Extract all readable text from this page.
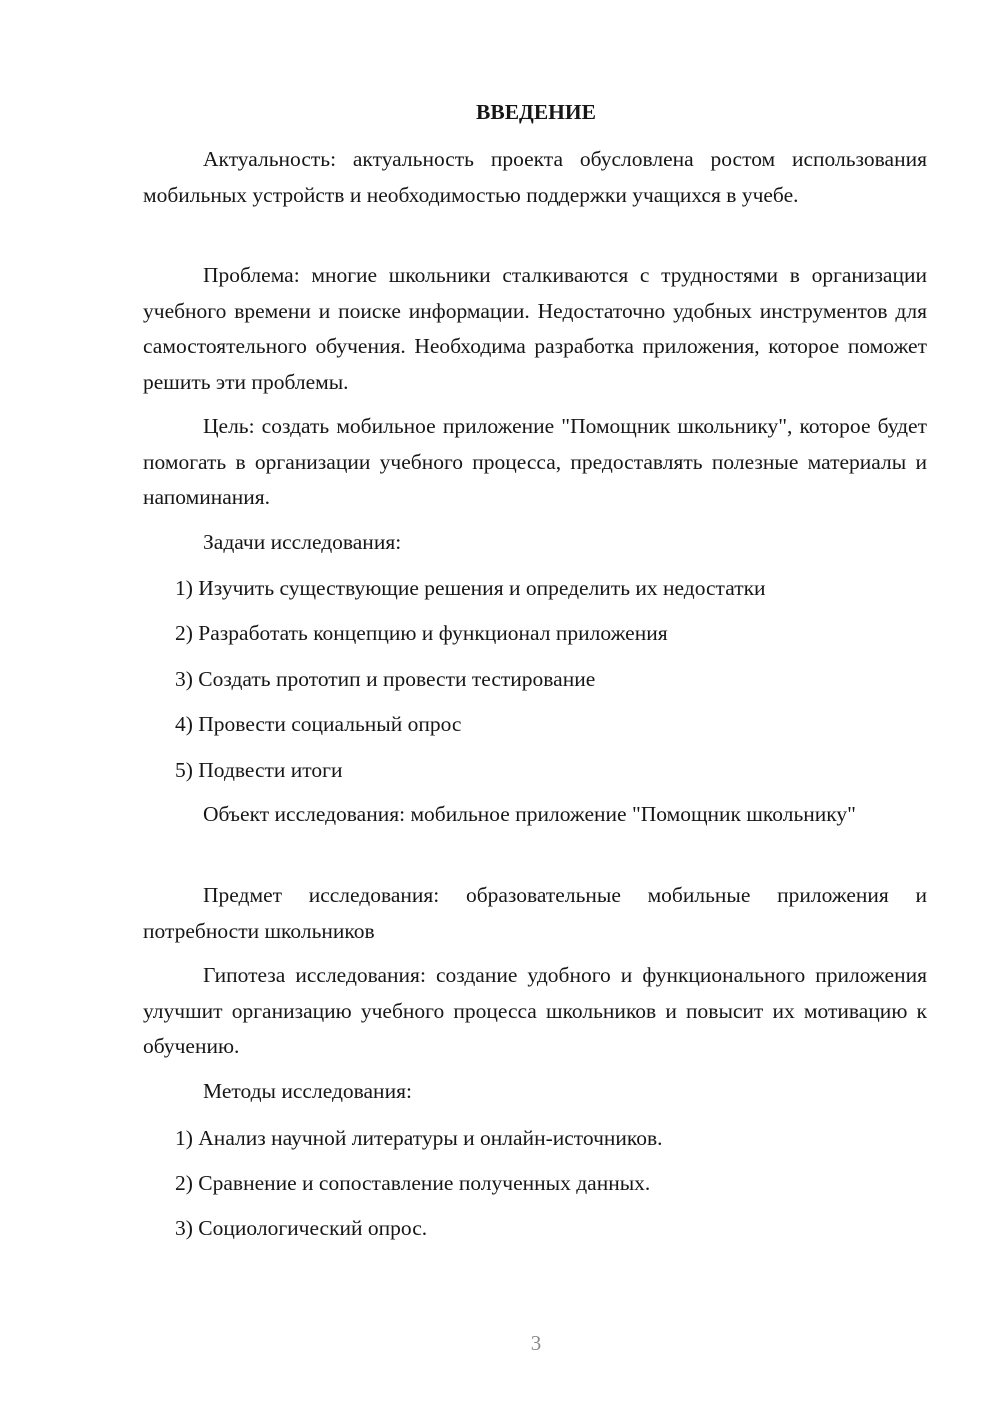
ВВЕДЕНИЕ

Актуальность: актуальность проекта обусловлена ростом использования мобильных устройств и необходимостью поддержки учащихся в учебе.

Проблема: многие школьники сталкиваются с трудностями в организации учебного времени и поиске информации. Недостаточно удобных инструментов для самостоятельного обучения. Необходима разработка приложения, которое поможет решить эти проблемы.

Цель: создать мобильное приложение "Помощник школьнику", которое будет помогать в организации учебного процесса, предоставлять полезные материалы и напоминания.

Задачи исследования:

1) Изучить существующие решения и определить их недостатки

2) Разработать концепцию и функционал приложения

3) Создать прототип и провести тестирование

4) Провести социальный опрос

5) Подвести итоги

Объект исследования: мобильное приложение "Помощник школьнику"

Предмет исследования: образовательные мобильные приложения и потребности школьников

Гипотеза исследования: создание удобного и функционального приложения улучшит организацию учебного процесса школьников и повысит их мотивацию к обучению.

Методы исследования:

1) Анализ научной литературы и онлайн-источников.

2) Сравнение и сопоставление полученных данных.

3) Социологический опрос.

3
